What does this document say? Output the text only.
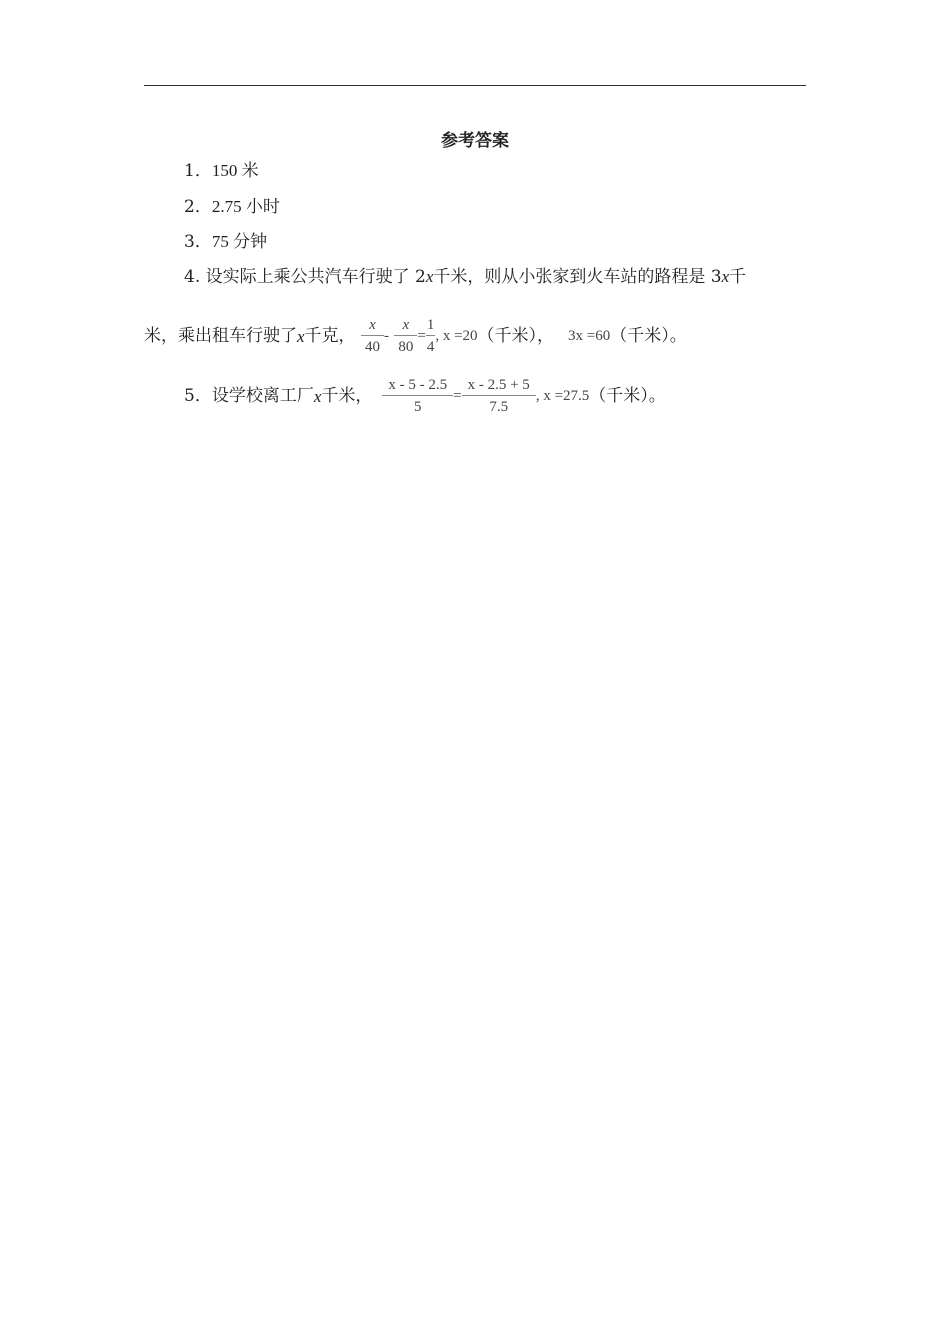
参考答案
1．150 米
2．2.75 小时
3．75 分钟
4. 设实际上乘公共汽车行驶了 2x千米，则从小张家到火车站的路程是 3x千
米，乘出租车行驶了x千克， $\frac{x}{40} - \frac{x}{80} = \frac{1}{4}$ , x =20（千米）， 3x =60（千米）。
5．设学校离工厂x千米， $\frac{x - 5 - 2.5}{5} = \frac{x - 2.5 + 5}{7.5}$ , x =27.5（千米）。
